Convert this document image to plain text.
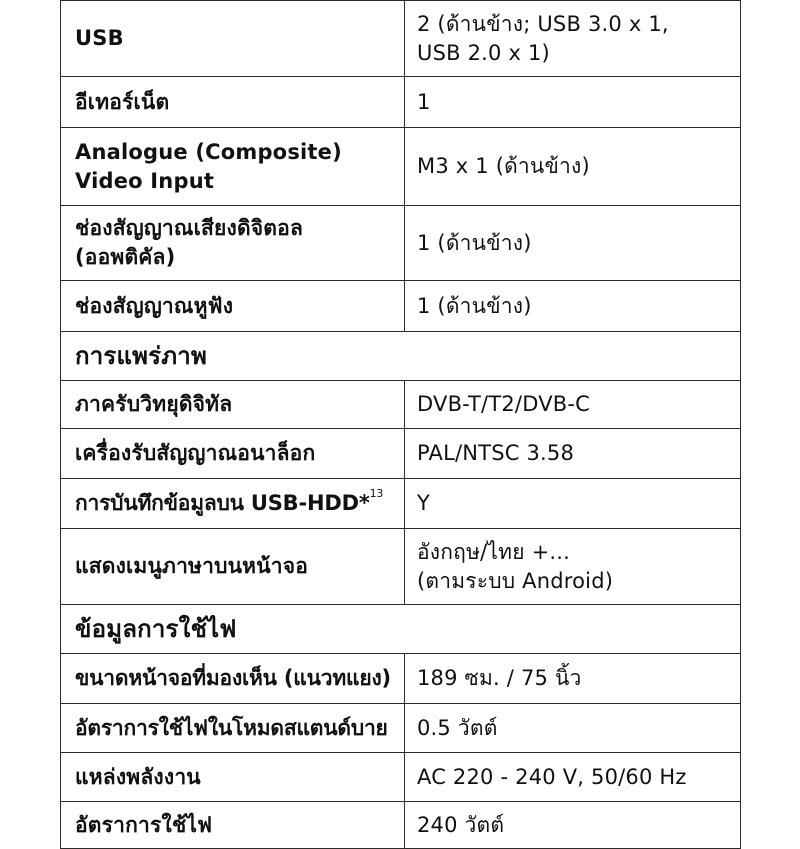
USB	2 (ด้านข้าง; USB 3.0 x 1,
USB 2.0 x 1)

อีเทอร์เน็ต	1

Analogue (Composite)
Video Input	M3 x 1 (ด้านข้าง)

ช่องสัญญาณเสียงดิจิตอล
(ออพติคัล)	1 (ด้านข้าง)

ช่องสัญญาณหูฟัง	1 (ด้านข้าง)

การแพร่ภาพ	

ภาครับวิทยุดิจิทัล	DVB-T/T2/DVB-C

เครื่องรับสัญญาณอนาล็อก	PAL/NTSC 3.58

การบันทึกข้อมูลบน USB-HDD*$^{13}$	Y

แสดงเมนูภาษาบนหน้าจอ	อังกฤษ/ไทย +...
(ตามระบบ Android)

ข้อมูลการใช้ไฟ	

ขนาดหน้าจอที่มองเห็น (แนวทแยง)	189 ซม. / 75 นิ้ว

อัตราการใช้ไฟในโหมดสแตนด์บาย	0.5 วัตต์

แหล่งพลังงาน	AC 220 - 240 V, 50/60 Hz

อัตราการใช้ไฟ	240 วัตต์
